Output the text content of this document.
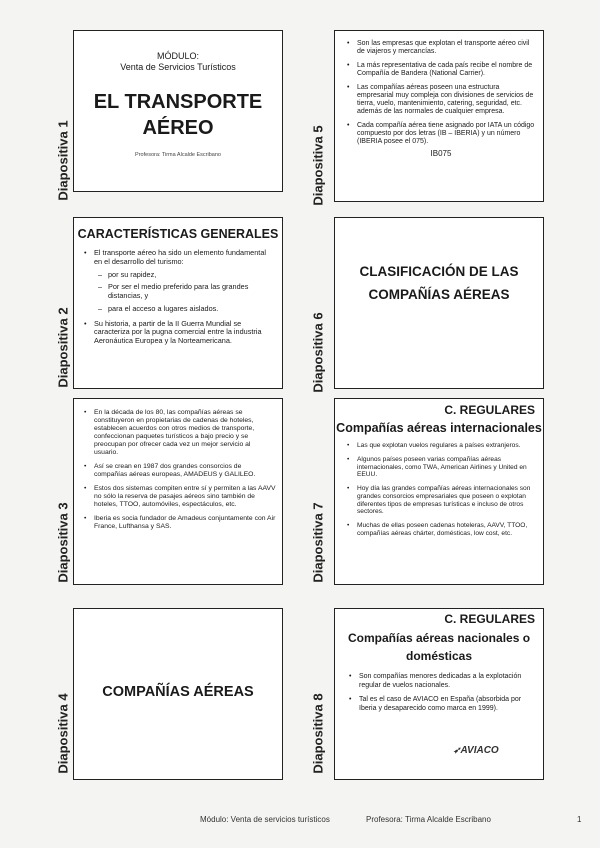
Diapositiva 1
MÓDULO:
Venta de Servicios Turísticos
EL TRANSPORTE
AÉREO
Profesora: Tirma Alcalde Escribano
Diapositiva 2
CARACTERÍSTICAS GENERALES
• El transporte aéreo ha sido un elemento fundamental en el desarrollo del turismo:
– por su rapidez,
– Por ser el medio preferido para las grandes distancias, y
– para el acceso a lugares aislados.
• Su historia, a partir de la II Guerra Mundial se caracteriza por la pugna comercial entre la industria Aeronáutica Europea y la Norteamericana.
Diapositiva 3
• En la década de los 80, las compañías aéreas se constituyeron en propietarias de cadenas de hoteles, establecen acuerdos con otros medios de transporte, confeccionan paquetes turísticos a bajo precio y se preocupan por ofrecer cada vez un mejor servicio al usuario.
• Así se crean en 1987 dos grandes consorcios de compañías aéreas europeas, AMADEUS y GALILEO.
• Estos dos sistemas compiten entre sí y permiten a las AAVV no sólo la reserva de pasajes aéreos sino también de hoteles, TTOO, automóviles, espectáculos, etc.
• Iberia es socia fundador de Amadeus conjuntamente con Air France, Lufthansa y SAS.
Diapositiva 4
COMPAÑÍAS AÉREAS
Diapositiva 5
• Son las empresas que explotan el transporte aéreo civil de viajeros y mercancías.
• La más representativa de cada país recibe el nombre de Compañía de Bandera (National Carrier).
• Las compañías aéreas poseen una estructura empresarial muy compleja con divisiones de servicios de tierra, vuelo, mantenimiento, catering, seguridad, etc. además de las normales de cualquier empresa.
• Cada compañía aérea tiene asignado por IATA un código compuesto por dos letras (IB – IBERIA) y un número (IBERIA posee el 075).
IB075
Diapositiva 6
CLASIFICACIÓN DE LAS
COMPAÑÍAS AÉREAS
Diapositiva 7
C. REGULARES
Compañías aéreas internacionales
• Las que explotan vuelos regulares a países extranjeros.
• Algunos países poseen varias compañías aéreas internacionales, como TWA, American Airlines y United en EEUU.
• Hoy día las grandes compañías aéreas internacionales son grandes consorcios empresariales que poseen o explotan diferentes tipos de empresas turísticas e incluso de otros sectores.
• Muchas de ellas poseen cadenas hoteleras, AAVV, TTOO, compañías aéreas chárter, domésticas, low cost, etc.
Diapositiva 8
C. REGULARES
Compañías aéreas nacionales o
domésticas
• Son compañías menores dedicadas a la explotación regular de vuelos nacionales.
• Tal es el caso de AVIACO en España (absorbida por Iberia y desaparecido como marca en 1999).
➶AVIACO
Módulo: Venta de servicios turísticos	Profesora: Tirma Alcalde Escribano	1
